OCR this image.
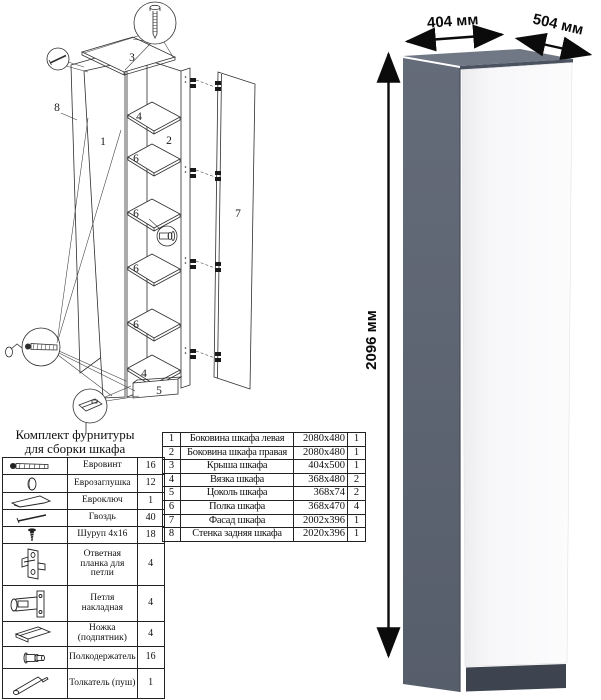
3
8
1	2
4
6
6
6
6
4
5
7
2096 мм
404 мм	504 мм
Комплект фурнитуры
для сборки шкафа
	Евровинт	16

	Еврозаглушка	12

	Евроключ	1

	Гвоздь	40

	Шуруп 4x16	18

	Ответная планка для петли	4

	Петля накладная	4

	Ножка (подпятник)	4

	Полкодержатель	16

	Толкатель (пуш)	1
1	Боковина шкафа левая	2080x480	1
2	Боковина шкафа правая	2080x480	1
3	Крыша шкафа	404x500	1
4	Вязка шкафа	368x480	2
5	Цоколь шкафа	368x74	2
6	Полка шкафа	368x470	4
7	Фасад шкафа	2002x396	1
8	Стенка задняя шкафа	2020x396	1
